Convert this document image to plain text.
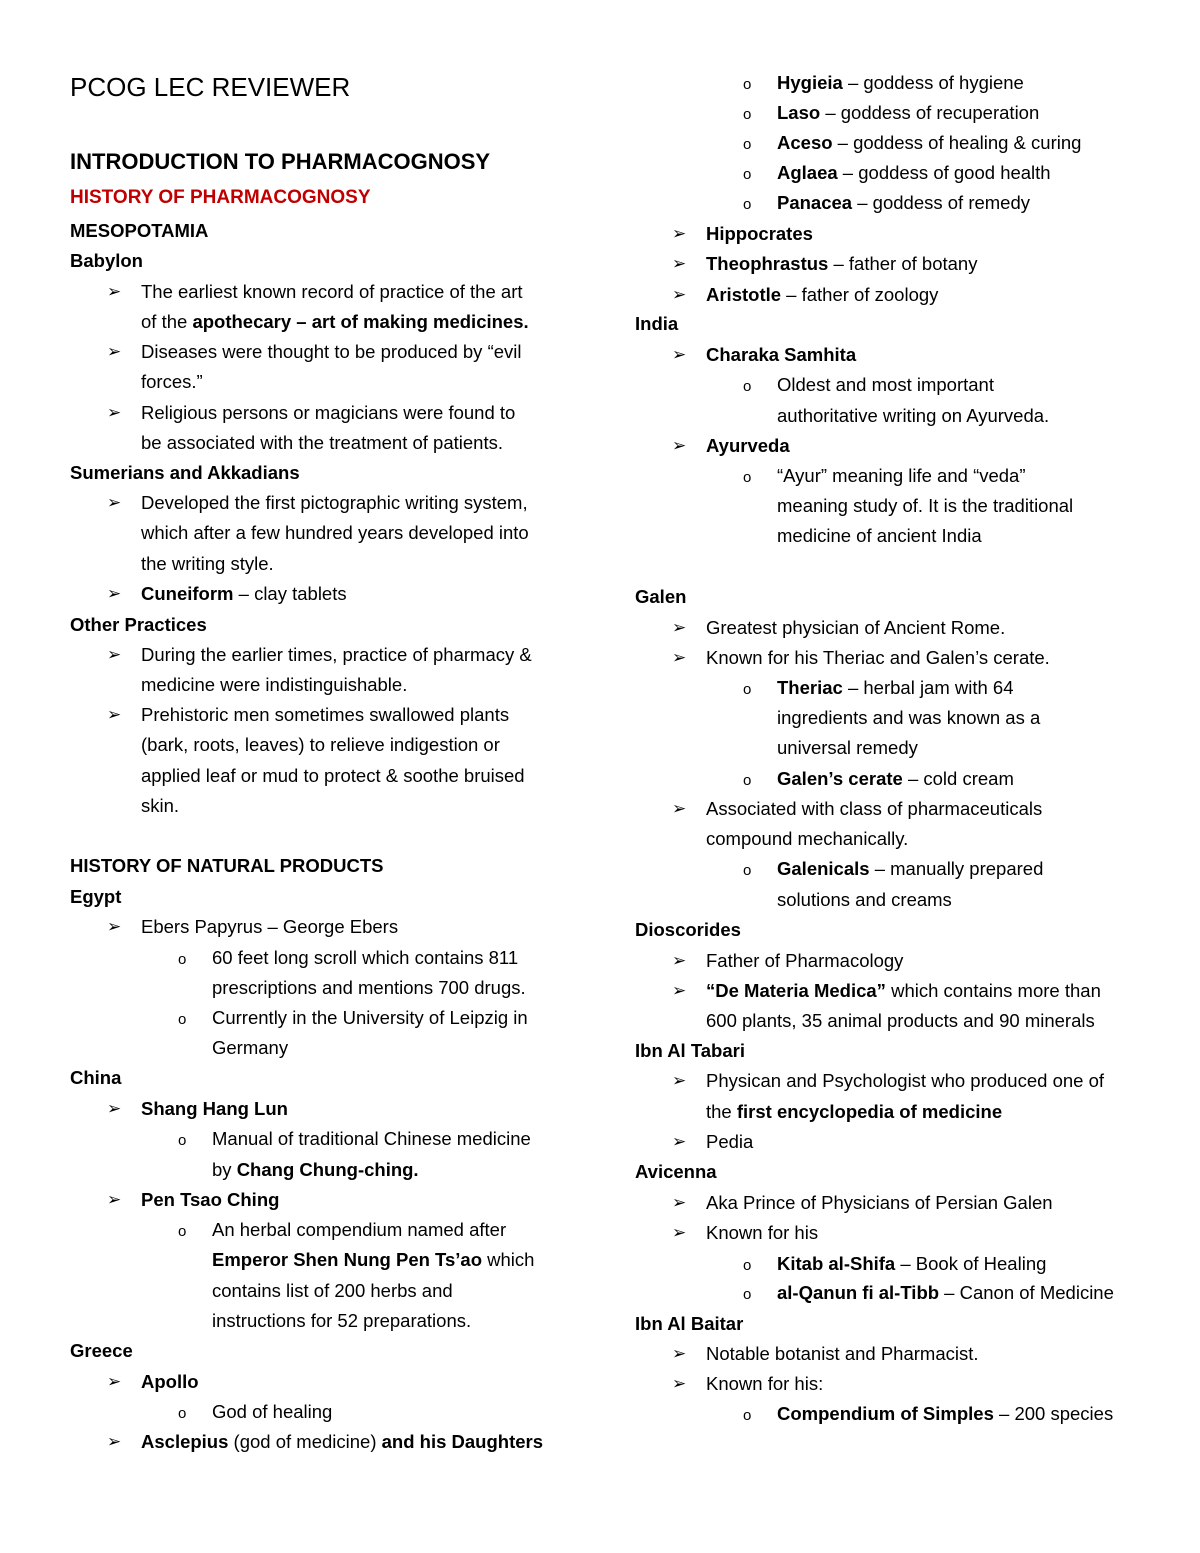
PCOG LEC REVIEWER
INTRODUCTION TO PHARMACOGNOSY
HISTORY OF PHARMACOGNOSY
MESOPOTAMIA
Babylon
➢ The earliest known record of practice of the art
of the apothecary – art of making medicines.
➢ Diseases were thought to be produced by “evil
forces.”
➢ Religious persons or magicians were found to
be associated with the treatment of patients.
Sumerians and Akkadians
➢ Developed the first pictographic writing system,
which after a few hundred years developed into
the writing style.
➢ Cuneiform – clay tablets
Other Practices
➢ During the earlier times, practice of pharmacy &
medicine were indistinguishable.
➢ Prehistoric men sometimes swallowed plants
(bark, roots, leaves) to relieve indigestion or
applied leaf or mud to protect & soothe bruised
skin.
HISTORY OF NATURAL PRODUCTS
Egypt
➢ Ebers Papyrus – George Ebers
o 60 feet long scroll which contains 811
prescriptions and mentions 700 drugs.
o Currently in the University of Leipzig in
Germany
China
➢ Shang Hang Lun
o Manual of traditional Chinese medicine
by Chang Chung-ching.
➢ Pen Tsao Ching
o An herbal compendium named after
Emperor Shen Nung Pen Ts’ao which
contains list of 200 herbs and
instructions for 52 preparations.
Greece
➢ Apollo
o God of healing
➢ Asclepius (god of medicine) and his Daughters
o Hygieia – goddess of hygiene
o Laso – goddess of recuperation
o Aceso – goddess of healing & curing
o Aglaea – goddess of good health
o Panacea – goddess of remedy
➢ Hippocrates
➢ Theophrastus – father of botany
➢ Aristotle – father of zoology
India
➢ Charaka Samhita
o Oldest and most important
authoritative writing on Ayurveda.
➢ Ayurveda
o “Ayur” meaning life and “veda”
meaning study of. It is the traditional
medicine of ancient India
Galen
➢ Greatest physician of Ancient Rome.
➢ Known for his Theriac and Galen’s cerate.
o Theriac – herbal jam with 64
ingredients and was known as a
universal remedy
o Galen’s cerate – cold cream
➢ Associated with class of pharmaceuticals
compound mechanically.
o Galenicals – manually prepared
solutions and creams
Dioscorides
➢ Father of Pharmacology
➢ “De Materia Medica” which contains more than
600 plants, 35 animal products and 90 minerals
Ibn Al Tabari
➢ Physican and Psychologist who produced one of
the first encyclopedia of medicine
➢ Pedia
Avicenna
➢ Aka Prince of Physicians of Persian Galen
➢ Known for his
o Kitab al-Shifa – Book of Healing
o al-Qanun fi al-Tibb – Canon of Medicine
Ibn Al Baitar
➢ Notable botanist and Pharmacist.
➢ Known for his:
o Compendium of Simples – 200 species
